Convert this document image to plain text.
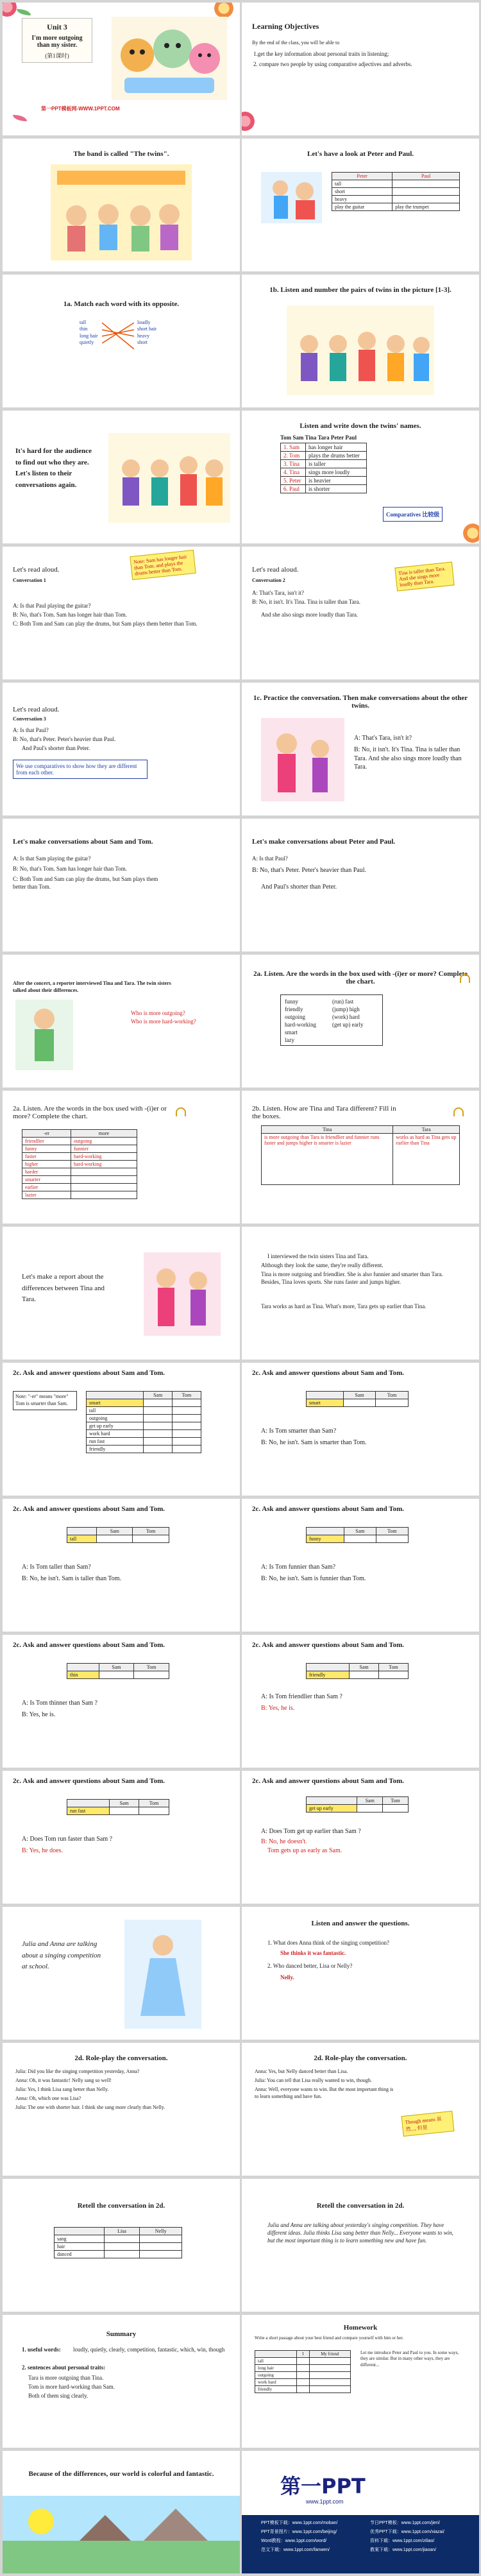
Unit 3
I'm more outgoing than my sister.
(第1课时)
第一PPT模板网-WWW.1PPT.COM
Learning Objectives
By the end of the class, you will be able to
1.get the key information about personal traits in listening;
2. compare two people by using comparative adjectives and adverbs.
The band is called "The twins".	Let's have a look at Peter and Paul.
Peter	Paul
tall	
short	
heavy	
play the guitar	play the trumpet
1a. Match each word with its opposite.
tall
thin
long hair
quietly
loudly
short hair
heavy
short
1b. Listen and number the pairs of twins in the picture [1-3].
It's hard for the audience to find out who they are. Let's listen to their conversations again.
Listen and write down the twins' names.
Tom Sam Tina Tara Peter Paul
1. Sam	has longer hair
2. Tom	plays the drums better
3. Tina	is taller
4. Tina	sings more loudly
5. Peter	is heavier
6. Paul	is shorter
Comparatives 比较级
Let's read aloud.
Conversation 1
Note: Sam has longer hair than Tom. and plays the drums better than Tom.
A: Is that Paul playing the guitar?
B: No, that's Tom. Sam has longer hair than Tom.
C: Both Tom and Sam can play the drums, but Sam plays them better than Tom.
Let's read aloud.
Conversation 2
Tina is taller than Tara. And she sings more loudly than Tara.
A: That's Tara, isn't it?
B: No, it isn't. It's Tina. Tina is taller than Tara.
And she also sings more loudly than Tara.
Let's read aloud.
Conversation 3
A: Is that Paul?
B: No, that's Peter. Peter's heavier than Paul.
And Paul's shorter than Peter.
We use comparatives to show how they are different from each other.
1c. Practice the conversation. Then make conversations about the other twins.
A: That's Tara, isn't it?
B: No, it isn't. It's Tina. Tina is taller than Tara. And she also sings more loudly than Tara.
Let's make conversations about Sam and Tom.
A: Is that Sam playing the guitar?
B: No, that's Tom. Sam has longer hair than Tom.
C: Both Tom and Sam can play the drums, but Sam plays them better than Tom.
Let's make conversations about Peter and Paul.
A: Is that Paul?
B: No, that's Peter. Peter's heavier than Paul.
And Paul's shorter than Peter.
After the concert, a reporter interviewed Tina and Tara. The twin sisters talked about their differences.
Who is more outgoing?
Who is more hard-working?
2a. Listen. Are the words in the box used with -(i)er or more? Complete the chart.
funny	(run) fast
friendly	(jump) high
outgoing	(work) hard
hard-working	(get up) early
smart
lazy
2a. Listen. Are the words in the box used with -(i)er or more? Complete the chart.
-er	more
friendlier	outgoing
funny	funnier
faster	hard-working
higher	hard-working
harder	
smarter	
earlier	
lazier	
2b. Listen. How are Tina and Tara different? Fill in the boxes.
Tina	Tara
is more outgoing than Tara is friendlier and funnier runs faster and jumps higher is smarter is lazier	works as hard as Tina gets up earlier than Tina
Let's make a report about the differences between Tina and Tara.
I interviewed the twin sisters Tina and Tara.
Although they look the same, they're really different.
Tina is more outgoing and friendlier. She is also funnier and smarter than Tara. Besides, Tina loves sports. She runs faster and jumps higher.
Tara works as hard as Tina. What's more, Tara gets up earlier than Tina.
2c. Ask and answer questions about Sam and Tom.
Note: "-er" means "more" Tom is smarter than Sam.
	Sam	Tom
smart		
tall		
outgoing		
get up early		
work hard		
run fast		
friendly		
2c. Ask and answer questions about Sam and Tom.
	Sam	Tom
smart		
A: Is Tom smarter than Sam?
B: No, he isn't. Sam is smarter than Tom.
2c. Ask and answer questions about Sam and Tom.
	Sam	Tom
tall		
A: Is Tom taller than Sam?
B: No, he isn't. Sam is taller than Tom.
2c. Ask and answer questions about Sam and Tom.
	Sam	Tom
funny		
A: Is Tom funnier than Sam?
B: No, he isn't. Sam is funnier than Tom.
2c. Ask and answer questions about Sam and Tom.
	Sam	Tom
thin		
A: Is Tom thinner than Sam ?
B: Yes, he is.
2c. Ask and answer questions about Sam and Tom.
	Sam	Tom
friendly		
A: Is Tom friendlier than Sam ?
B: Yes, he is.
2c. Ask and answer questions about Sam and Tom.
	Sam	Tom
run fast		
A: Does Tom run faster than Sam ?
B: Yes, he does.
2c. Ask and answer questions about Sam and Tom.
	Sam	Tom
get up early		
A: Does Tom get up earlier than Sam ?
B: No, he doesn't.
Tom gets up as early as Sam.
Julia and Anna are talking about a singing competition at school.
Listen and answer the questions.
1. What does Anna think of the singing competition?
She thinks it was fantastic.
2. Who danced better, Lisa or Nelly?
Nelly.
2d. Role-play the conversation.
Julia: Did you like the singing competition yesterday, Anna?
Anna: Oh, it was fantastic! Nelly sang so well!
Julia: Yes, I think Lisa sang better than Nelly.
Anna: Oh, which one was Lisa?
Julia: The one with shorter hair. I think she sang more clearly than Nelly.
2d. Role-play the conversation.
Anna: Yes, but Nelly danced better than Lisa.
Julia: You can tell that Lisa really wanted to win, though.
Anna: Well, everyone wants to win. But the most important thing is to learn something and have fun.
Though means 虽然..., 但是
Retell the conversation in 2d.
	Lisa	Nelly
sang		
hair		
danced		
Retell the conversation in 2d.
Julia and Anna are talking about yesterday's singing competition. They have different ideas. Julia thinks Lisa sang better than Nelly... Everyone wants to win, but the most important thing is to learn something new and have fun.
Summary
1. useful words: loudly, quietly, clearly, competition, fantastic, which, win, though
2. sentences about personal traits:
Tara is more outgoing than Tina.
Tom is more hard-working than Sam.
Both of them sing clearly.
Homework
Write a short passage about your best friend and compare yourself with him or her.
	I	My friend
tall		
long hair		
outgoing		
work hard		
friendly		
Let me introduce Peter and Paul to you. In some ways, they are similar. But in many other ways, they are different...
Because of the differences, our world is colorful and fantastic.	第一PPT
www.1ppt.com
PPT模板下载：www.1ppt.com/moban/	节日PPT模板：www.1ppt.com/jieri/
PPT背景图片：www.1ppt.com/beijing/	优秀PPT下载：www.1ppt.com/xiazai/
Word教程：www.1ppt.com/word/	资料下载：www.1ppt.com/ziliao/
范文下载：www.1ppt.com/fanwen/	教案下载：www.1ppt.com/jiaoan/
